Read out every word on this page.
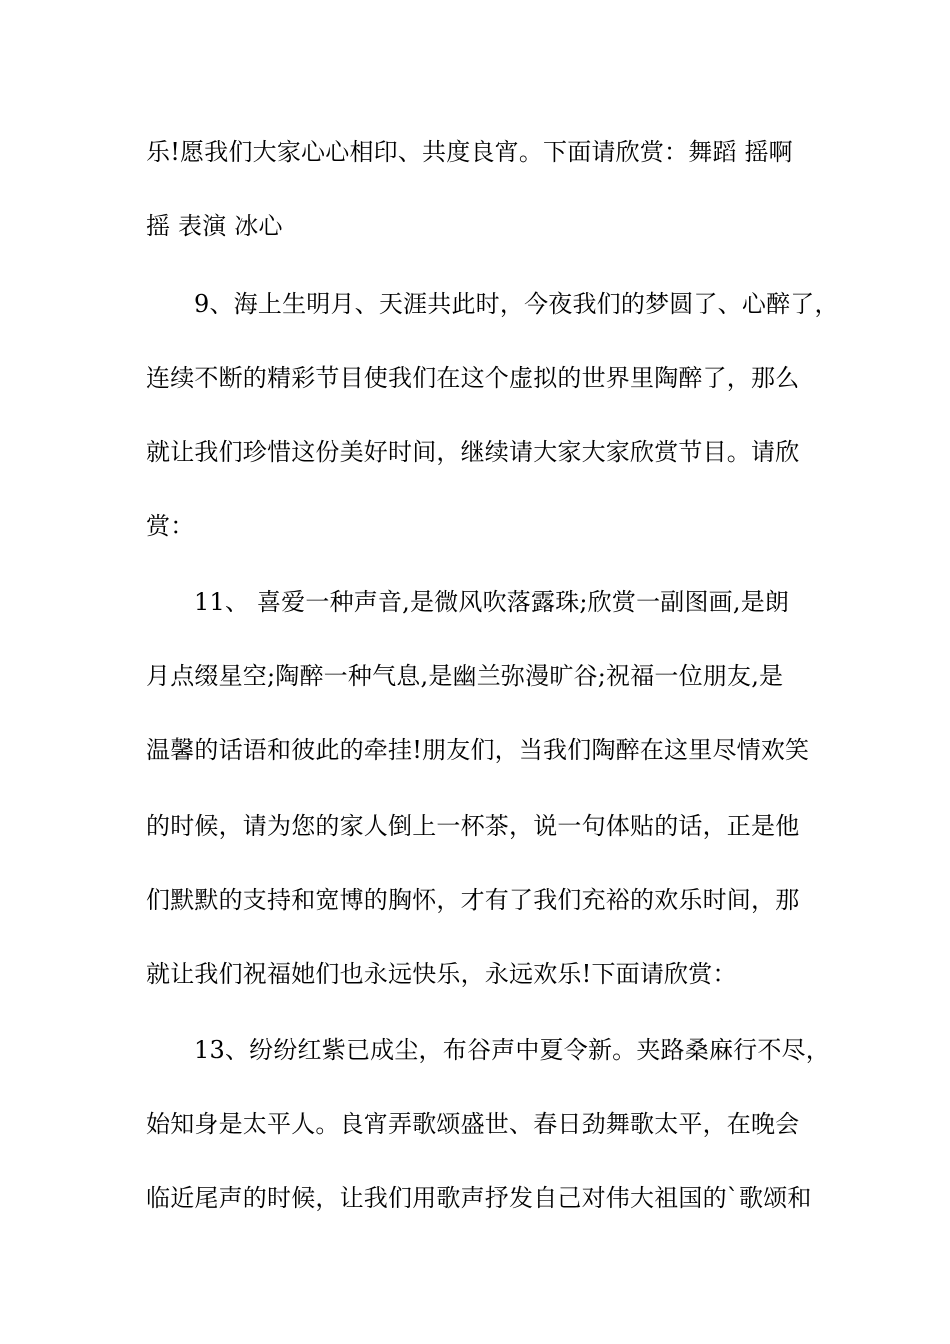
乐!愿我们大家心心相印、共度良宵。下面请欣赏：舞蹈 摇啊
摇 表演 冰心
9、海上生明月、天涯共此时，今夜我们的梦圆了、心醉了，
连续不断的精彩节目使我们在这个虚拟的世界里陶醉了，那么
就让我们珍惜这份美好时间，继续请大家大家欣赏节目。请欣
赏：
11、 喜爱一种声音,是微风吹落露珠;欣赏一副图画,是朗
月点缀星空;陶醉一种气息,是幽兰弥漫旷谷;祝福一位朋友,是
温馨的话语和彼此的牵挂!朋友们，当我们陶醉在这里尽情欢笑
的时候，请为您的家人倒上一杯茶，说一句体贴的话，正是他
们默默的支持和宽博的胸怀，才有了我们充裕的欢乐时间，那
就让我们祝福她们也永远快乐，永远欢乐!下面请欣赏：
13、纷纷红紫已成尘，布谷声中夏令新。夹路桑麻行不尽，
始知身是太平人。良宵弄歌颂盛世、春日劲舞歌太平，在晚会
临近尾声的时候，让我们用歌声抒发自己对伟大祖国的`歌颂和
